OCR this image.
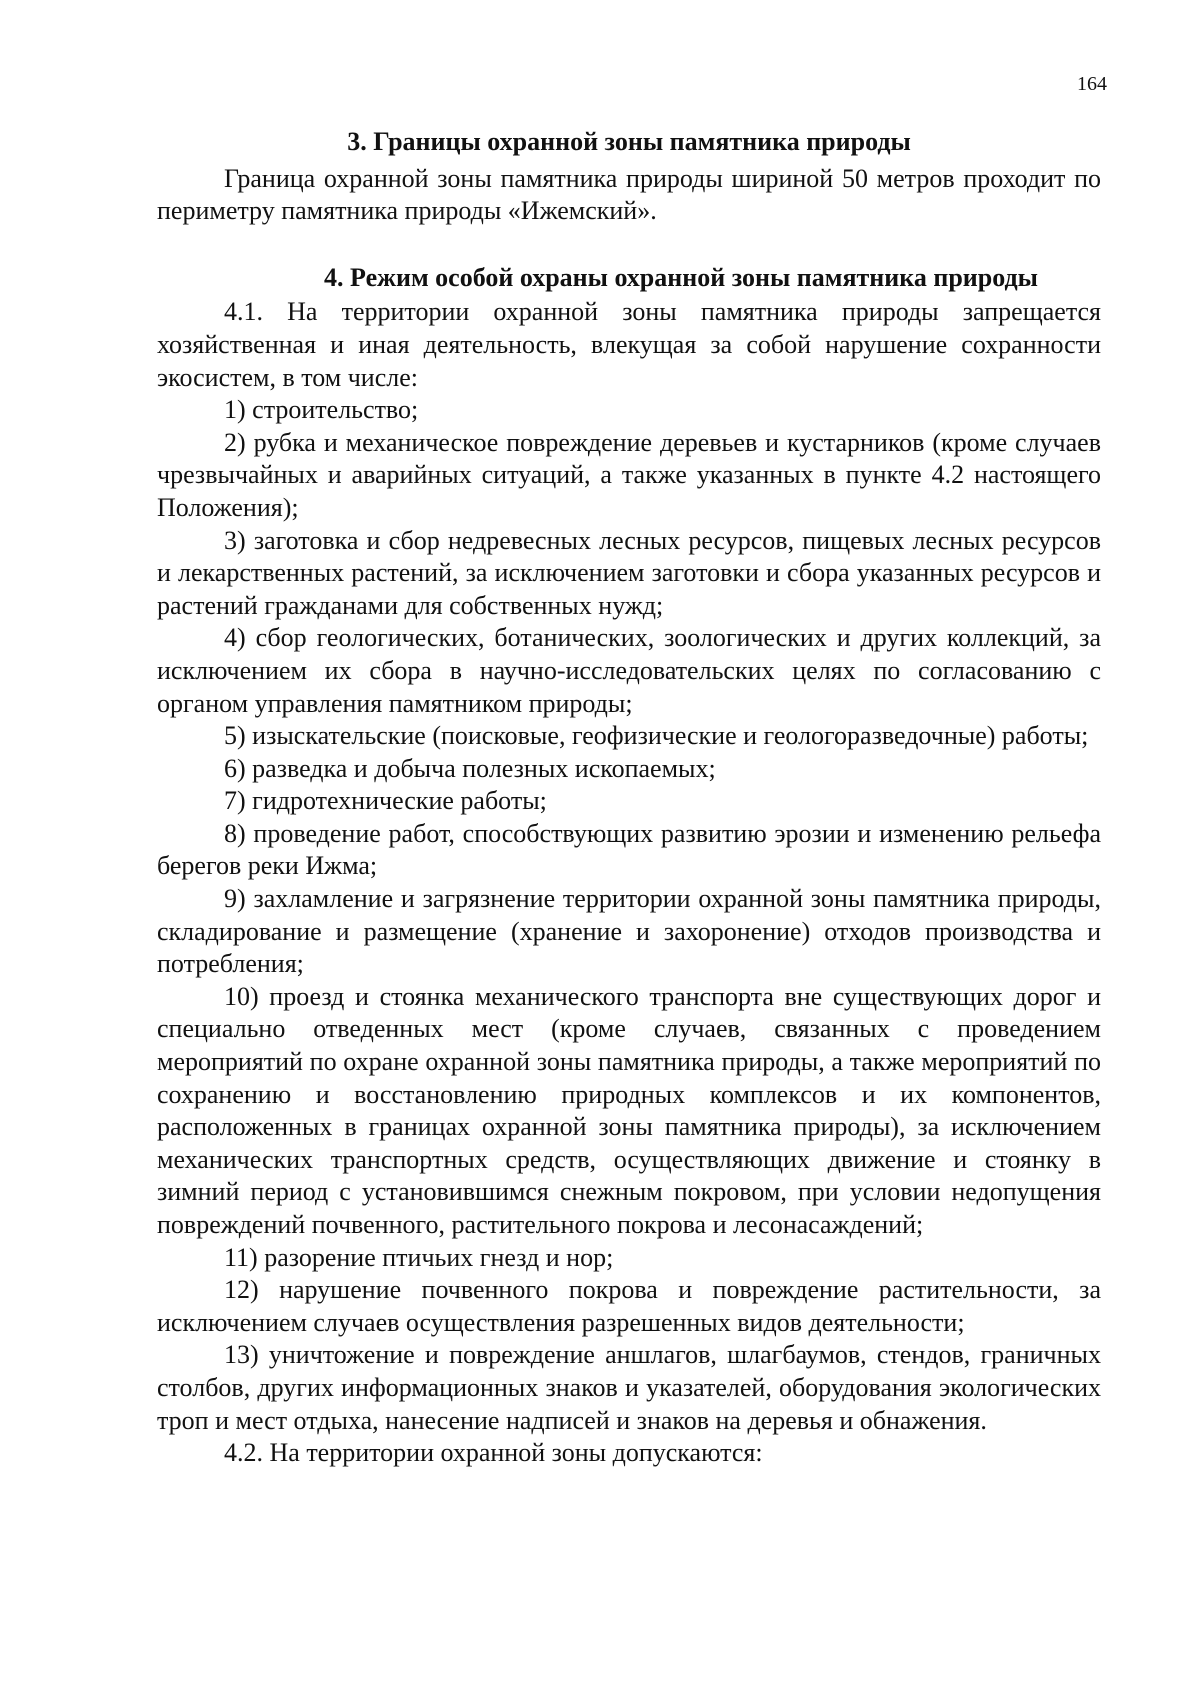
164

3. Границы охранной зоны памятника природы

Граница охранной зоны памятника природы шириной 50 метров проходит по периметру памятника природы «Ижемский».

4. Режим особой охраны охранной зоны памятника природы

4.1. На территории охранной зоны памятника природы запрещается хозяйственная и иная деятельность, влекущая за собой нарушение сохранности экосистем, в том числе:

1) строительство;

2) рубка и механическое повреждение деревьев и кустарников (кроме случаев чрезвычайных и аварийных ситуаций, а также указанных в пункте 4.2 настоящего Положения);

3) заготовка и сбор недревесных лесных ресурсов, пищевых лесных ресурсов и лекарственных растений, за исключением заготовки и сбора указанных ресурсов и растений гражданами для собственных нужд;

4) сбор геологических, ботанических, зоологических и других коллекций, за исключением их сбора в научно-исследовательских целях по согласованию с органом управления памятником природы;

5) изыскательские (поисковые, геофизические и геологоразведочные) работы;

6) разведка и добыча полезных ископаемых;

7) гидротехнические работы;

8) проведение работ, способствующих развитию эрозии и изменению рельефа берегов реки Ижма;

9) захламление и загрязнение территории охранной зоны памятника природы, складирование и размещение (хранение и захоронение) отходов производства и потребления;

10) проезд и стоянка механического транспорта вне существующих дорог и специально отведенных мест (кроме случаев, связанных с проведением мероприятий по охране охранной зоны памятника природы, а также мероприятий по сохранению и восстановлению природных комплексов и их компонентов, расположенных в границах охранной зоны памятника природы), за исключением механических транспортных средств, осуществляющих движение и стоянку в зимний период с установившимся снежным покровом, при условии недопущения повреждений почвенного, растительного покрова и лесонасаждений;

11) разорение птичьих гнезд и нор;

12) нарушение почвенного покрова и повреждение растительности, за исключением случаев осуществления разрешенных видов деятельности;

13) уничтожение и повреждение аншлагов, шлагбаумов, стендов, граничных столбов, других информационных знаков и указателей, оборудования экологических троп и мест отдыха, нанесение надписей и знаков на деревья и обнажения.

4.2. На территории охранной зоны допускаются:
